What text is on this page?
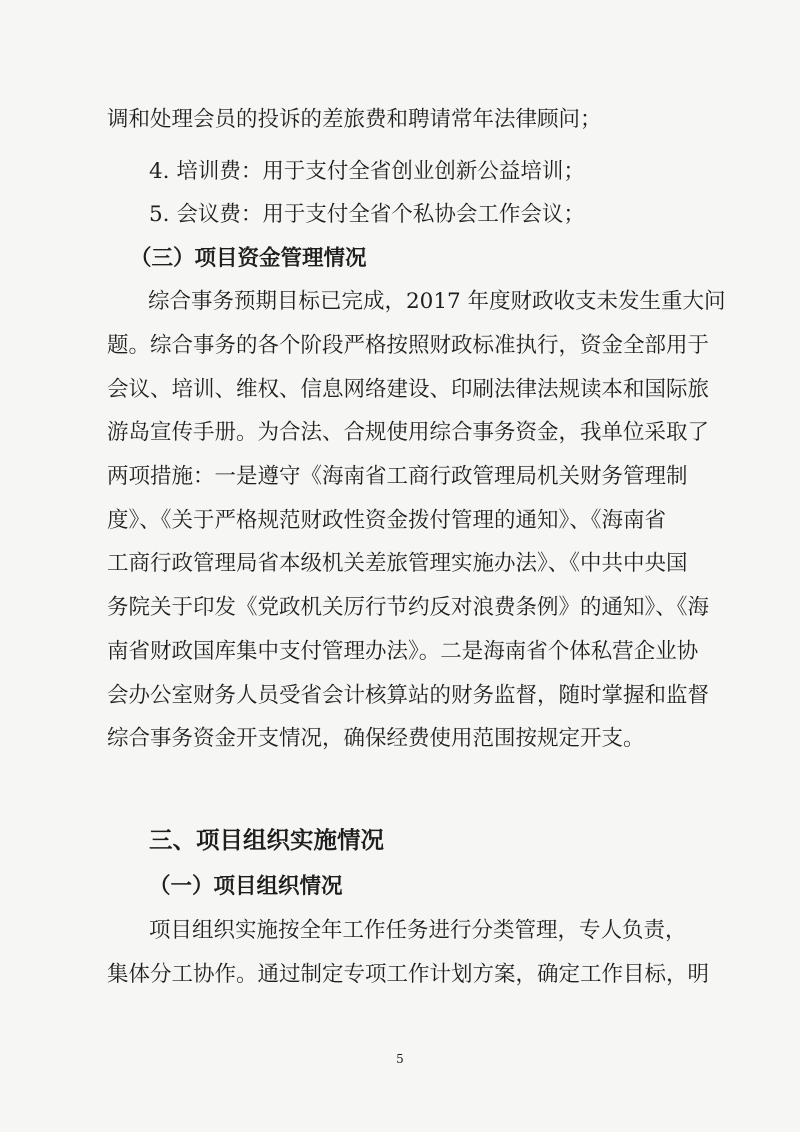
调和处理会员的投诉的差旅费和聘请常年法律顾问；
4. 培训费：用于支付全省创业创新公益培训；
5. 会议费：用于支付全省个私协会工作会议；
（三）项目资金管理情况
综合事务预期目标已完成，2017 年度财政收支未发生重大问
题。综合事务的各个阶段严格按照财政标准执行，资金全部用于
会议、培训、维权、信息网络建设、印刷法律法规读本和国际旅
游岛宣传手册。为合法、合规使用综合事务资金，我单位采取了
两项措施：一是遵守《海南省工商行政管理局机关财务管理制
度》、《关于严格规范财政性资金拨付管理的通知》、《海南省
工商行政管理局省本级机关差旅管理实施办法》、《中共中央国
务院关于印发《党政机关厉行节约反对浪费条例》的通知》、《海
南省财政国库集中支付管理办法》。二是海南省个体私营企业协
会办公室财务人员受省会计核算站的财务监督，随时掌握和监督
综合事务资金开支情况，确保经费使用范围按规定开支。
三、项目组织实施情况
（一）项目组织情况
项目组织实施按全年工作任务进行分类管理，专人负责，
集体分工协作。通过制定专项工作计划方案，确定工作目标，明
5
